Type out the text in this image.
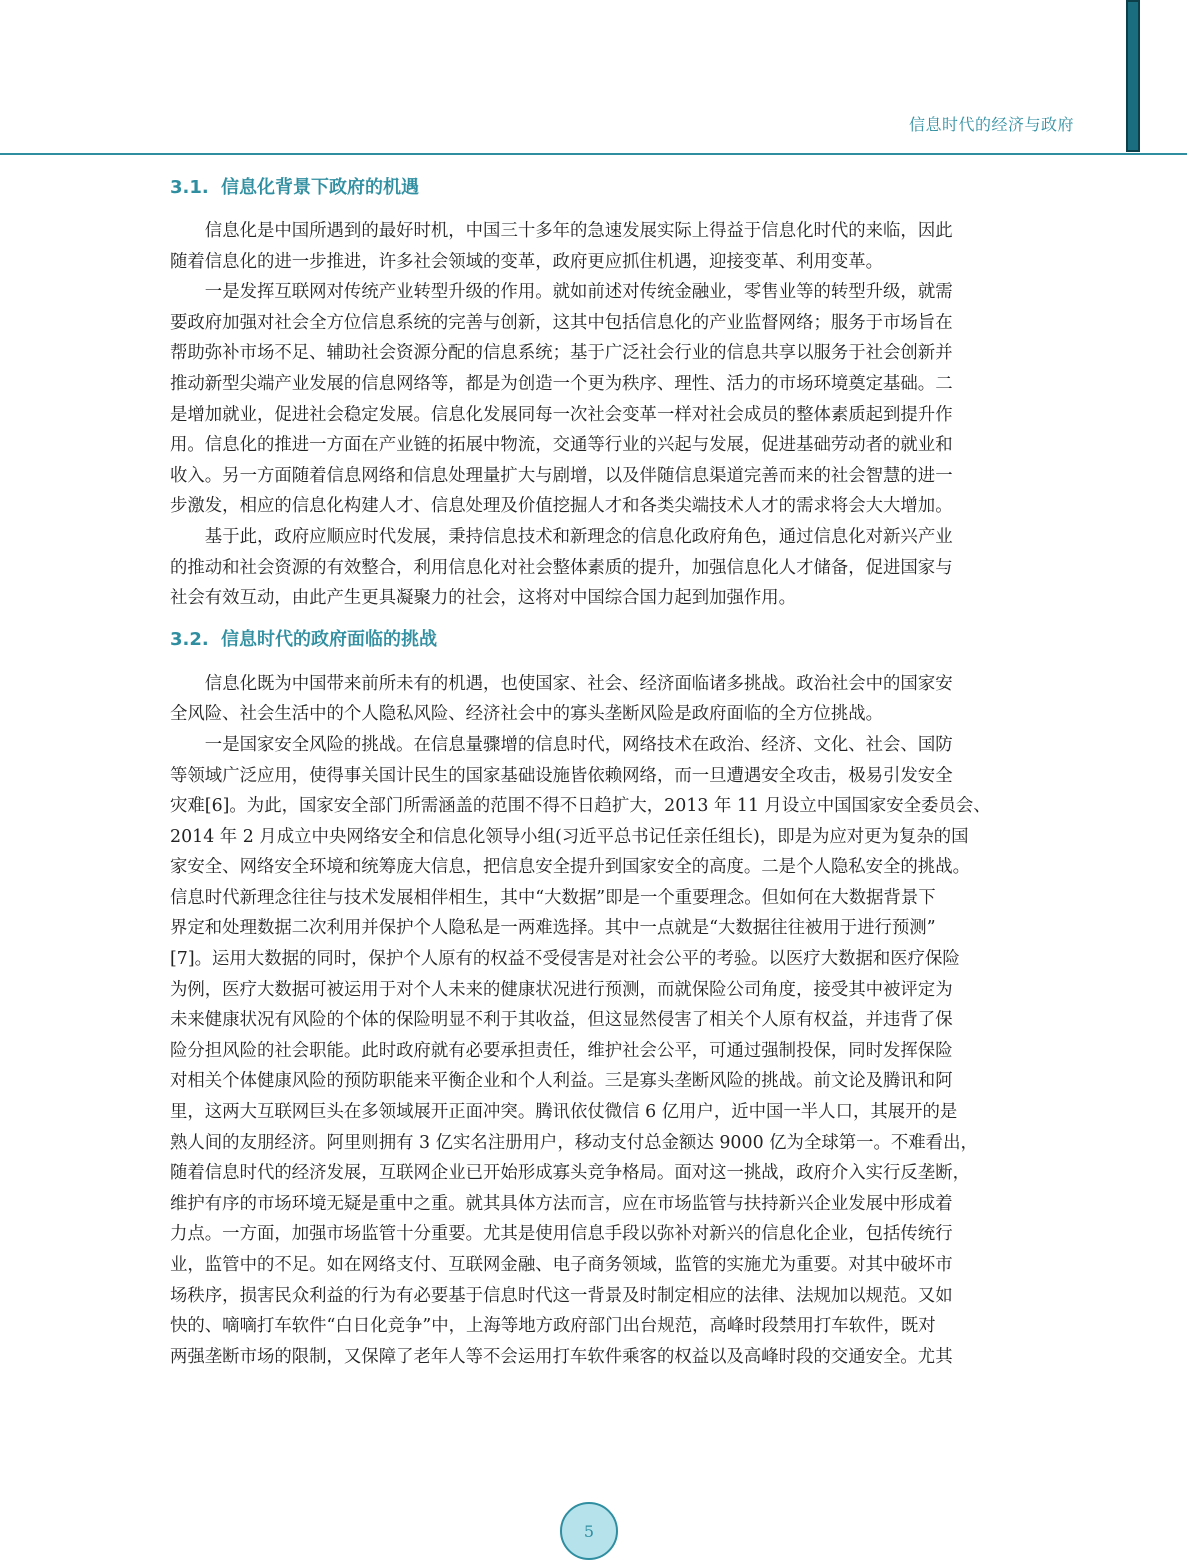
信息时代的经济与政府
3.1. 信息化背景下政府的机遇
信息化是中国所遇到的最好时机，中国三十多年的急速发展实际上得益于信息化时代的来临，因此
随着信息化的进一步推进，许多社会领域的变革，政府更应抓住机遇，迎接变革、利用变革。
一是发挥互联网对传统产业转型升级的作用。就如前述对传统金融业，零售业等的转型升级，就需
要政府加强对社会全方位信息系统的完善与创新，这其中包括信息化的产业监督网络；服务于市场旨在
帮助弥补市场不足、辅助社会资源分配的信息系统；基于广泛社会行业的信息共享以服务于社会创新并
推动新型尖端产业发展的信息网络等，都是为创造一个更为秩序、理性、活力的市场环境奠定基础。二
是增加就业，促进社会稳定发展。信息化发展同每一次社会变革一样对社会成员的整体素质起到提升作
用。信息化的推进一方面在产业链的拓展中物流，交通等行业的兴起与发展，促进基础劳动者的就业和
收入。另一方面随着信息网络和信息处理量扩大与剧增，以及伴随信息渠道完善而来的社会智慧的进一
步激发，相应的信息化构建人才、信息处理及价值挖掘人才和各类尖端技术人才的需求将会大大增加。
基于此，政府应顺应时代发展，秉持信息技术和新理念的信息化政府角色，通过信息化对新兴产业
的推动和社会资源的有效整合，利用信息化对社会整体素质的提升，加强信息化人才储备，促进国家与
社会有效互动，由此产生更具凝聚力的社会，这将对中国综合国力起到加强作用。
3.2. 信息时代的政府面临的挑战
信息化既为中国带来前所未有的机遇，也使国家、社会、经济面临诸多挑战。政治社会中的国家安
全风险、社会生活中的个人隐私风险、经济社会中的寡头垄断风险是政府面临的全方位挑战。
一是国家安全风险的挑战。在信息量骤增的信息时代，网络技术在政治、经济、文化、社会、国防
等领域广泛应用，使得事关国计民生的国家基础设施皆依赖网络，而一旦遭遇安全攻击，极易引发安全
灾难[6]。为此，国家安全部门所需涵盖的范围不得不日趋扩大，2013 年 11 月设立中国国家安全委员会、
2014 年 2 月成立中央网络安全和信息化领导小组(习近平总书记任亲任组长)，即是为应对更为复杂的国
家安全、网络安全环境和统筹庞大信息，把信息安全提升到国家安全的高度。二是个人隐私安全的挑战。
信息时代新理念往往与技术发展相伴相生，其中“大数据”即是一个重要理念。但如何在大数据背景下
界定和处理数据二次利用并保护个人隐私是一两难选择。其中一点就是“大数据往往被用于进行预测”
[7]。运用大数据的同时，保护个人原有的权益不受侵害是对社会公平的考验。以医疗大数据和医疗保险
为例，医疗大数据可被运用于对个人未来的健康状况进行预测，而就保险公司角度，接受其中被评定为
未来健康状况有风险的个体的保险明显不利于其收益，但这显然侵害了相关个人原有权益，并违背了保
险分担风险的社会职能。此时政府就有必要承担责任，维护社会公平，可通过强制投保，同时发挥保险
对相关个体健康风险的预防职能来平衡企业和个人利益。三是寡头垄断风险的挑战。前文论及腾讯和阿
里，这两大互联网巨头在多领域展开正面冲突。腾讯依仗微信 6 亿用户，近中国一半人口，其展开的是
熟人间的友朋经济。阿里则拥有 3 亿实名注册用户，移动支付总金额达 9000 亿为全球第一。不难看出，
随着信息时代的经济发展，互联网企业已开始形成寡头竞争格局。面对这一挑战，政府介入实行反垄断，
维护有序的市场环境无疑是重中之重。就其具体方法而言，应在市场监管与扶持新兴企业发展中形成着
力点。一方面，加强市场监管十分重要。尤其是使用信息手段以弥补对新兴的信息化企业，包括传统行
业，监管中的不足。如在网络支付、互联网金融、电子商务领域，监管的实施尤为重要。对其中破坏市
场秩序，损害民众利益的行为有必要基于信息时代这一背景及时制定相应的法律、法规加以规范。又如
快的、嘀嘀打车软件“白日化竞争”中，上海等地方政府部门出台规范，高峰时段禁用打车软件，既对
两强垄断市场的限制，又保障了老年人等不会运用打车软件乘客的权益以及高峰时段的交通安全。尤其
5
